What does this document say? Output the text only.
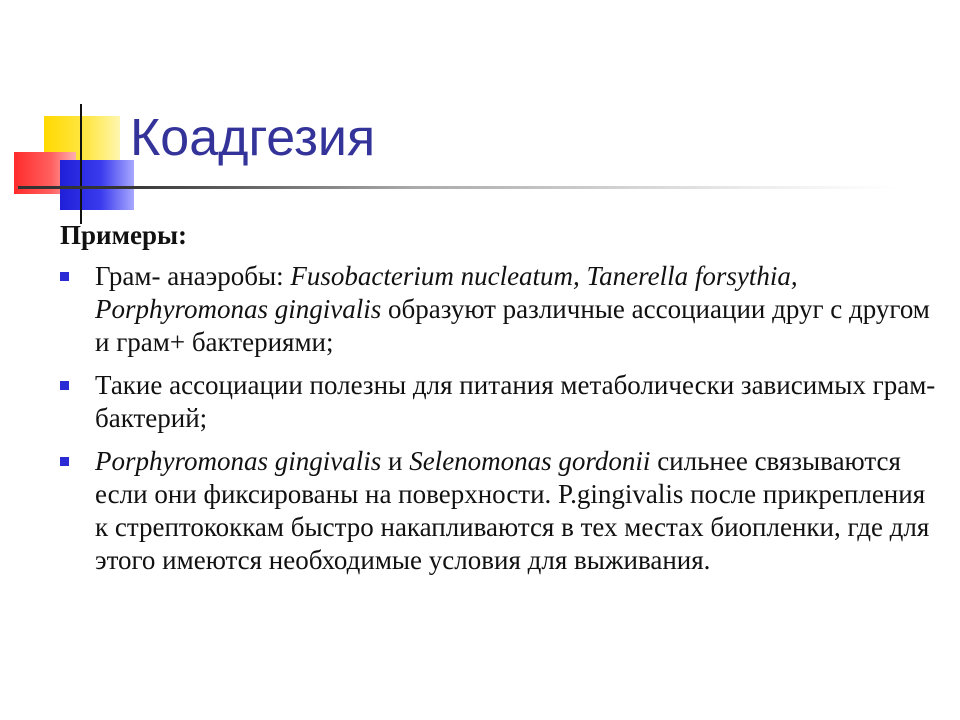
Коадгезия
Примеры:
Грам- анаэробы: Fusobacterium nucleatum, Tanerella forsythia, Porphyromonas gingivalis образуют различные ассоциации друг с другом и грам+ бактериями;
Такие ассоциации полезны для питания метаболически зависимых грам- бактерий;
Porphyromonas gingivalis и Selenomonas gordonii сильнее связываются если они фиксированы на поверхности. P.gingivalis после прикрепления к стрептококкам быстро накапливаются в тех местах биопленки, где для этого имеются необходимые условия для выживания.
